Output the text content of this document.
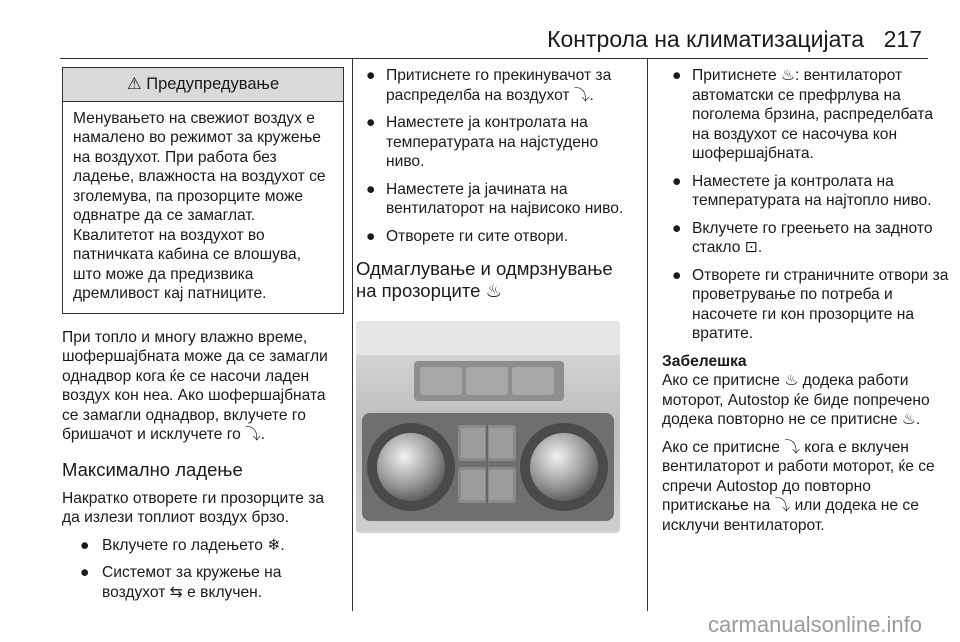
Контрола на климатизацијата 217
⚠ Предупредување
Менувањето на свежиот воздух е намалено во режимот за кружење на воздухот. При работа без ладење, влажноста на воздухот се зголемува, па прозорците може одвнатре да се замаглат. Квалитетот на воздухот во патничката кабина се влошува, што може да предизвика дремливост кај патниците.

При топло и многу влажно време, шофершајбната може да се замагли однадвор кога ќе се насочи ладен воздух кон неа. Ако шофершајбната се замагли однадвор, вклучете го бришачот и исклучете го ⤵.

Максимално ладење

Накратко отворете ги прозорците за да излези топлиот воздух брзо.

● Вклучете го ладењето ❄.
● Системот за кружење на воздухот ⇆ е вклучен.
● Притиснете го прекинувачот за распределба на воздухот ⤵.
● Наместете ја контролата на температурата на најстудено ниво.
● Наместете ја јачината на вентилаторот на највисоко ниво.
● Отворете ги сите отвори.
Одмаглување и одмрзнување на прозорците ♨
● Притиснете ♨: вентилаторот автоматски се префрлува на поголема брзина, распределбата на воздухот се насочува кон шофершајбната.
● Наместете ја контролата на температурата на најтопло ниво.
● Вклучете го греењето на задното стакло ⊡.
● Отворете ги страничните отвори за проветрување по потреба и насочете ги кон прозорците на вратите.
Забелешка

Ако се притисне ♨ додека работи моторот, Autostop ќе биде попречено додека повторно не се притисне ♨.

Ако се притисне ⤵ кога е вклучен вентилаторот и работи моторот, ќе се спречи Autostop до повторно притискање на ⤵ или додека не се исклучи вентилаторот.

carmanualsonline.info
